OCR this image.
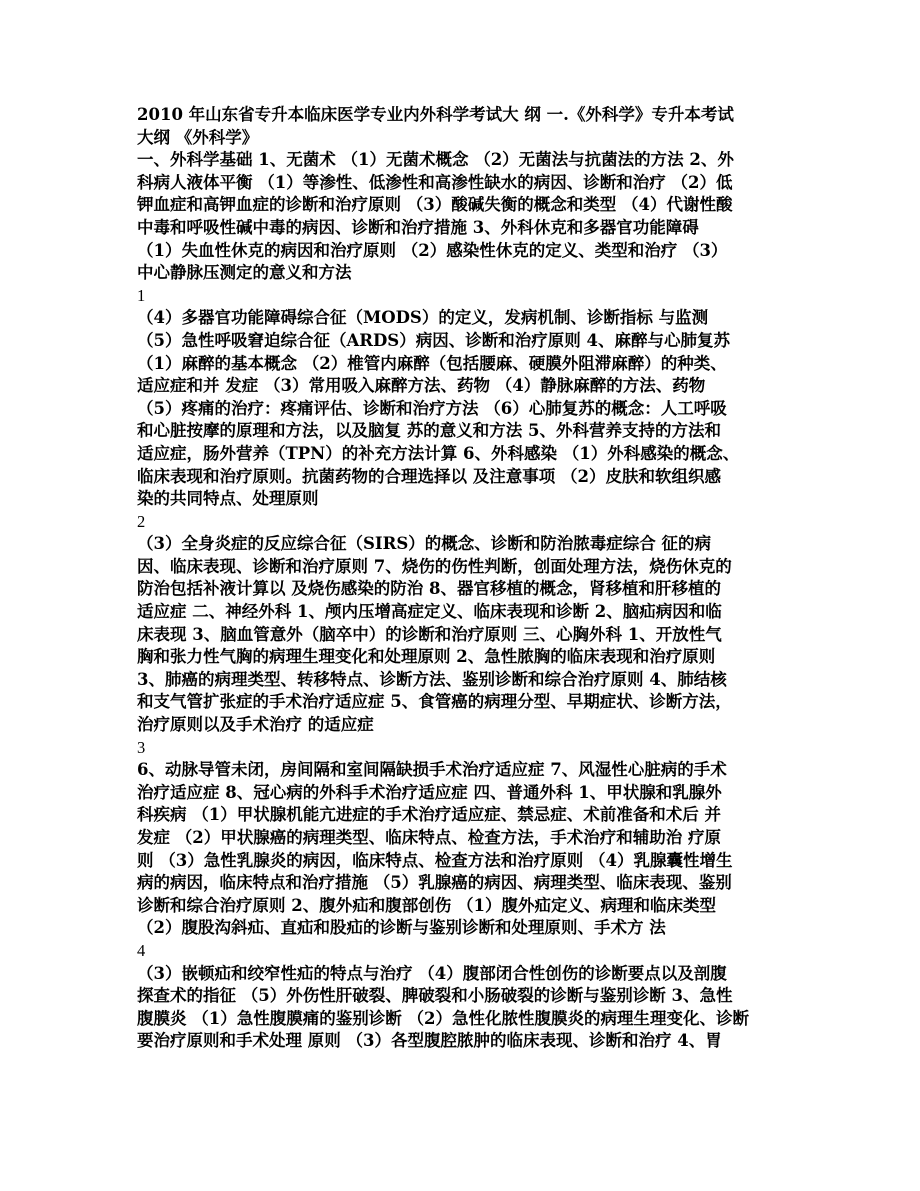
2010 年山东省专升本临床医学专业内外科学考试大 纲 一.《外科学》专升本考试
大纲 《外科学》
一、外科学基础 1、无菌术 （1）无菌术概念 （2）无菌法与抗菌法的方法 2、外
科病人液体平衡 （1）等渗性、低渗性和高渗性缺水的病因、诊断和治疗 （2）低
钾血症和高钾血症的诊断和治疗原则 （3）酸碱失衡的概念和类型 （4）代谢性酸
中毒和呼吸性碱中毒的病因、诊断和治疗措施 3、外科休克和多器官功能障碍
（1）失血性休克的病因和治疗原则 （2）感染性休克的定义、类型和治疗 （3）
中心静脉压测定的意义和方法
1
（4）多器官功能障碍综合征（MODS）的定义，发病机制、诊断指标 与监测
（5）急性呼吸窘迫综合征（ARDS）病因、诊断和治疗原则 4、麻醉与心肺复苏
（1）麻醉的基本概念 （2）椎管内麻醉（包括腰麻、硬膜外阻滞麻醉）的种类、
适应症和并 发症 （3）常用吸入麻醉方法、药物 （4）静脉麻醉的方法、药物
（5）疼痛的治疗：疼痛评估、诊断和治疗方法 （6）心肺复苏的概念：人工呼吸
和心脏按摩的原理和方法，以及脑复 苏的意义和方法 5、外科营养支持的方法和
适应症，肠外营养（TPN）的补充方法计算 6、外科感染 （1）外科感染的概念、
临床表现和治疗原则。抗菌药物的合理选择以 及注意事项 （2）皮肤和软组织感
染的共同特点、处理原则
2
（3）全身炎症的反应综合征（SIRS）的概念、诊断和防治脓毒症综合 征的病
因、临床表现、诊断和治疗原则 7、烧伤的伤性判断，创面处理方法，烧伤休克的
防治包括补液计算以 及烧伤感染的防治 8、器官移植的概念，肾移植和肝移植的
适应症 二、神经外科 1、颅内压增高症定义、临床表现和诊断 2、脑疝病因和临
床表现 3、脑血管意外（脑卒中）的诊断和治疗原则 三、心胸外科 1、开放性气
胸和张力性气胸的病理生理变化和处理原则 2、急性脓胸的临床表现和治疗原则
3、肺癌的病理类型、转移特点、诊断方法、鉴别诊断和综合治疗原则 4、肺结核
和支气管扩张症的手术治疗适应症 5、食管癌的病理分型、早期症状、诊断方法，
治疗原则以及手术治疗 的适应症
3
6、动脉导管未闭，房间隔和室间隔缺损手术治疗适应症 7、风湿性心脏病的手术
治疗适应症 8、冠心病的外科手术治疗适应症 四、普通外科 1、甲状腺和乳腺外
科疾病 （1）甲状腺机能亢进症的手术治疗适应症、禁忌症、术前准备和术后 并
发症 （2）甲状腺癌的病理类型、临床特点、检查方法，手术治疗和辅助治 疗原
则 （3）急性乳腺炎的病因，临床特点、检查方法和治疗原则 （4）乳腺囊性增生
病的病因，临床特点和治疗措施 （5）乳腺癌的病因、病理类型、临床表现、鉴别
诊断和综合治疗原则 2、腹外疝和腹部创伤 （1）腹外疝定义、病理和临床类型
（2）腹股沟斜疝、直疝和股疝的诊断与鉴别诊断和处理原则、手术方 法
4
（3）嵌顿疝和绞窄性疝的特点与治疗 （4）腹部闭合性创伤的诊断要点以及剖腹
探查术的指征 （5）外伤性肝破裂、脾破裂和小肠破裂的诊断与鉴别诊断 3、急性
腹膜炎 （1）急性腹膜痛的鉴别诊断 （2）急性化脓性腹膜炎的病理生理变化、诊断
要治疗原则和手术处理 原则 （3）各型腹腔脓肿的临床表现、诊断和治疗 4、胃
